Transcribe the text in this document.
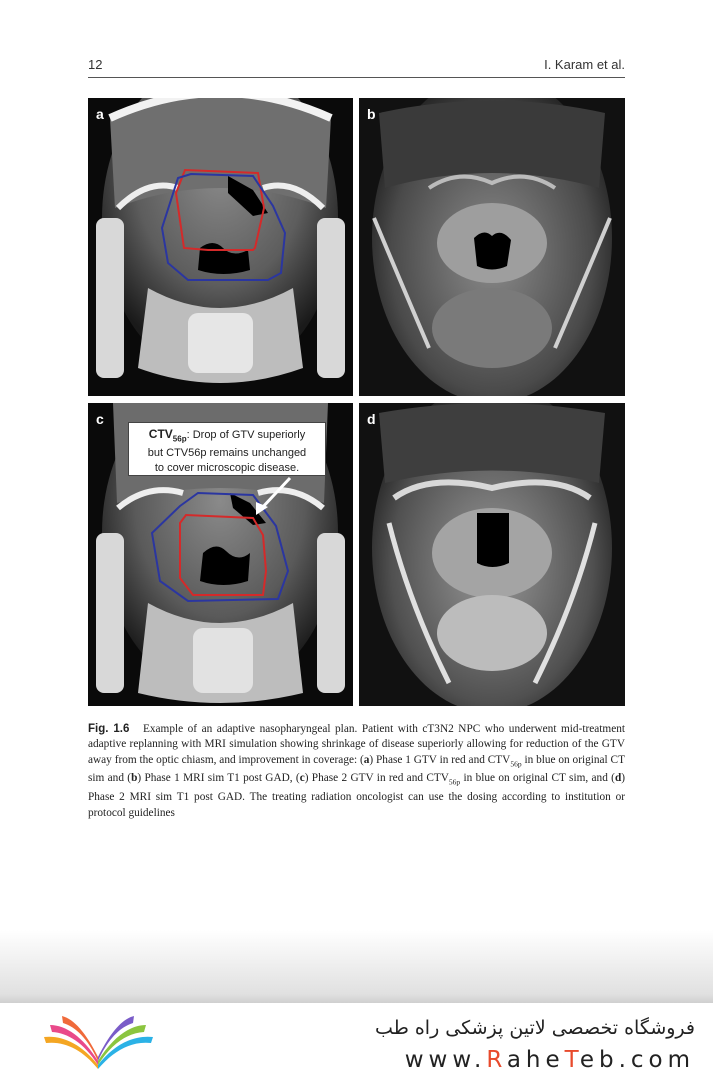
12	I. Karam et al.
a	b
c
$CTV_{56p}$: Drop of GTV superiorly
but CTV56p remains unchanged
to cover microscopic disease.
d
Fig. 1.6 Example of an adaptive nasopharyngeal plan. Patient with cT3N2 NPC who underwent mid-treatment adaptive replanning with MRI simulation showing shrinkage of disease superiorly allowing for reduction of the GTV away from the optic chiasm, and improvement in coverage: (a) Phase 1 GTV in red and $CTV_{56p}$ in blue on original CT sim and (b) Phase 1 MRI sim T1 post GAD, (c) Phase 2 GTV in red and $CTV_{56p}$ in blue on original CT sim, and (d) Phase 2 MRI sim T1 post GAD. The treating radiation oncologist can use the dosing according to institution or protocol guidelines
فروشگاه تخصصی لاتین پزشکی راه طب
www.RaheTeb.com
